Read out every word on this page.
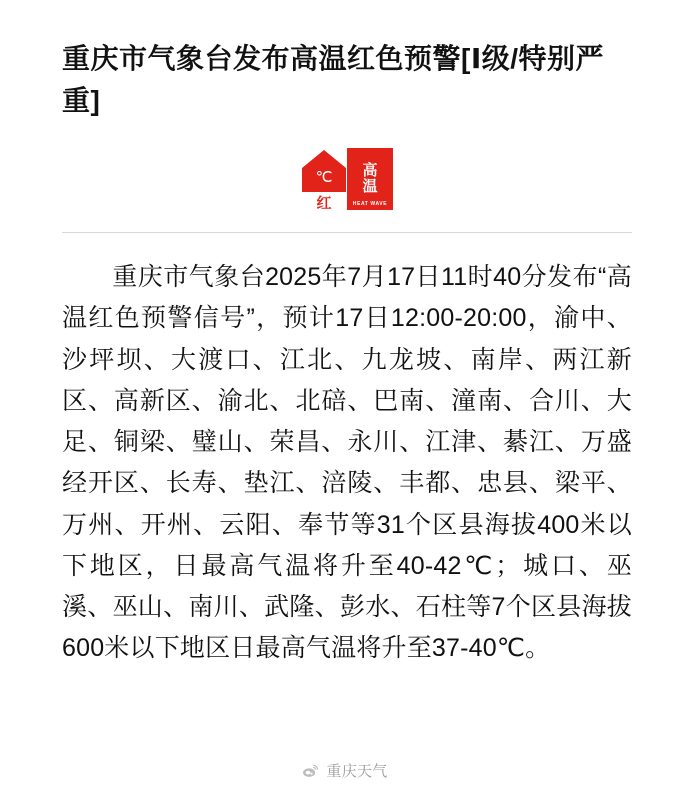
重庆市气象台发布高温红色预警[Ⅰ级/特别严重]
℃
红
高
温
HEAT WAVE
重庆市气象台2025年7月17日11时40分发布“高温红色预警信号”，预计17日12:00-20:00，渝中、沙坪坝、大渡口、江北、九龙坡、南岸、两江新区、高新区、渝北、北碚、巴南、潼南、合川、大足、铜梁、璧山、荣昌、永川、江津、綦江、万盛经开区、长寿、垫江、涪陵、丰都、忠县、梁平、万州、开州、云阳、奉节等31个区县海拔400米以下地区，日最高气温将升至40-42℃；城口、巫溪、巫山、南川、武隆、彭水、石柱等7个区县海拔600米以下地区日最高气温将升至37-40℃。
重庆天气
